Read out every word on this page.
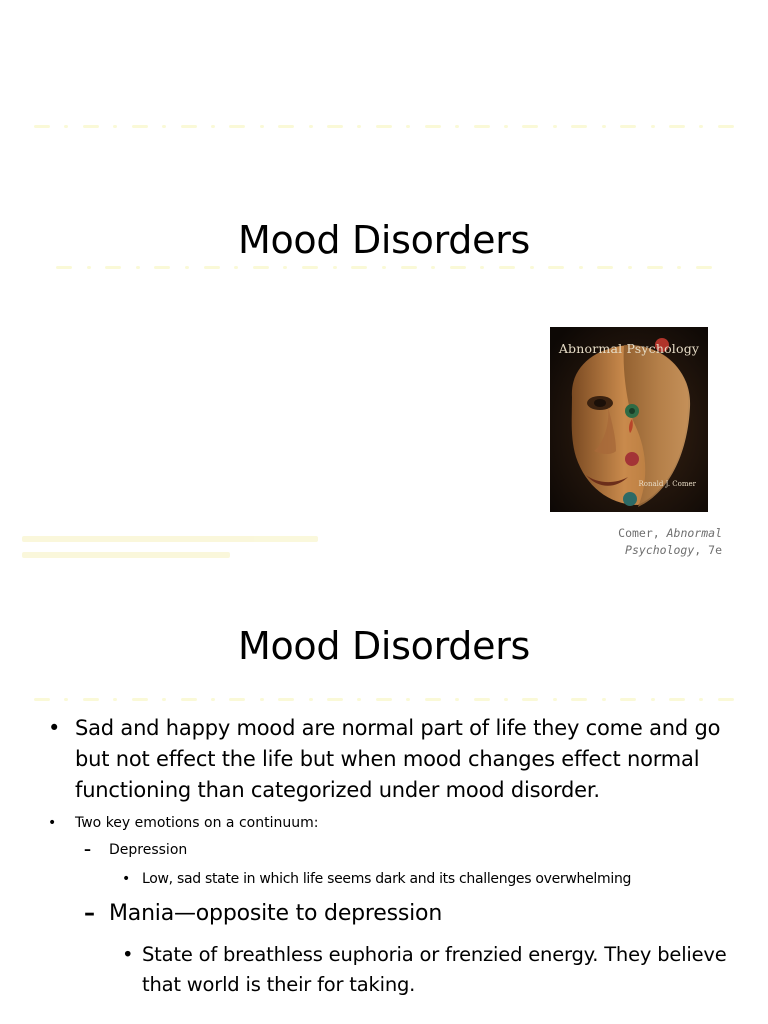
Mood Disorders
Abnormal Psychology
Ronald J. Comer
Comer, Abnormal
Psychology, 7e
Mood Disorders
• Sad and happy mood are normal part of life they come and go but not effect the life but when mood changes effect normal functioning than categorized under mood disorder.
•	Two key emotions on a continuum:
–	Depression
• Low, sad state in which life seems dark and its challenges overwhelming
– Mania—opposite to depression
• State of breathless euphoria or frenzied energy. They believe that world is their for taking.
